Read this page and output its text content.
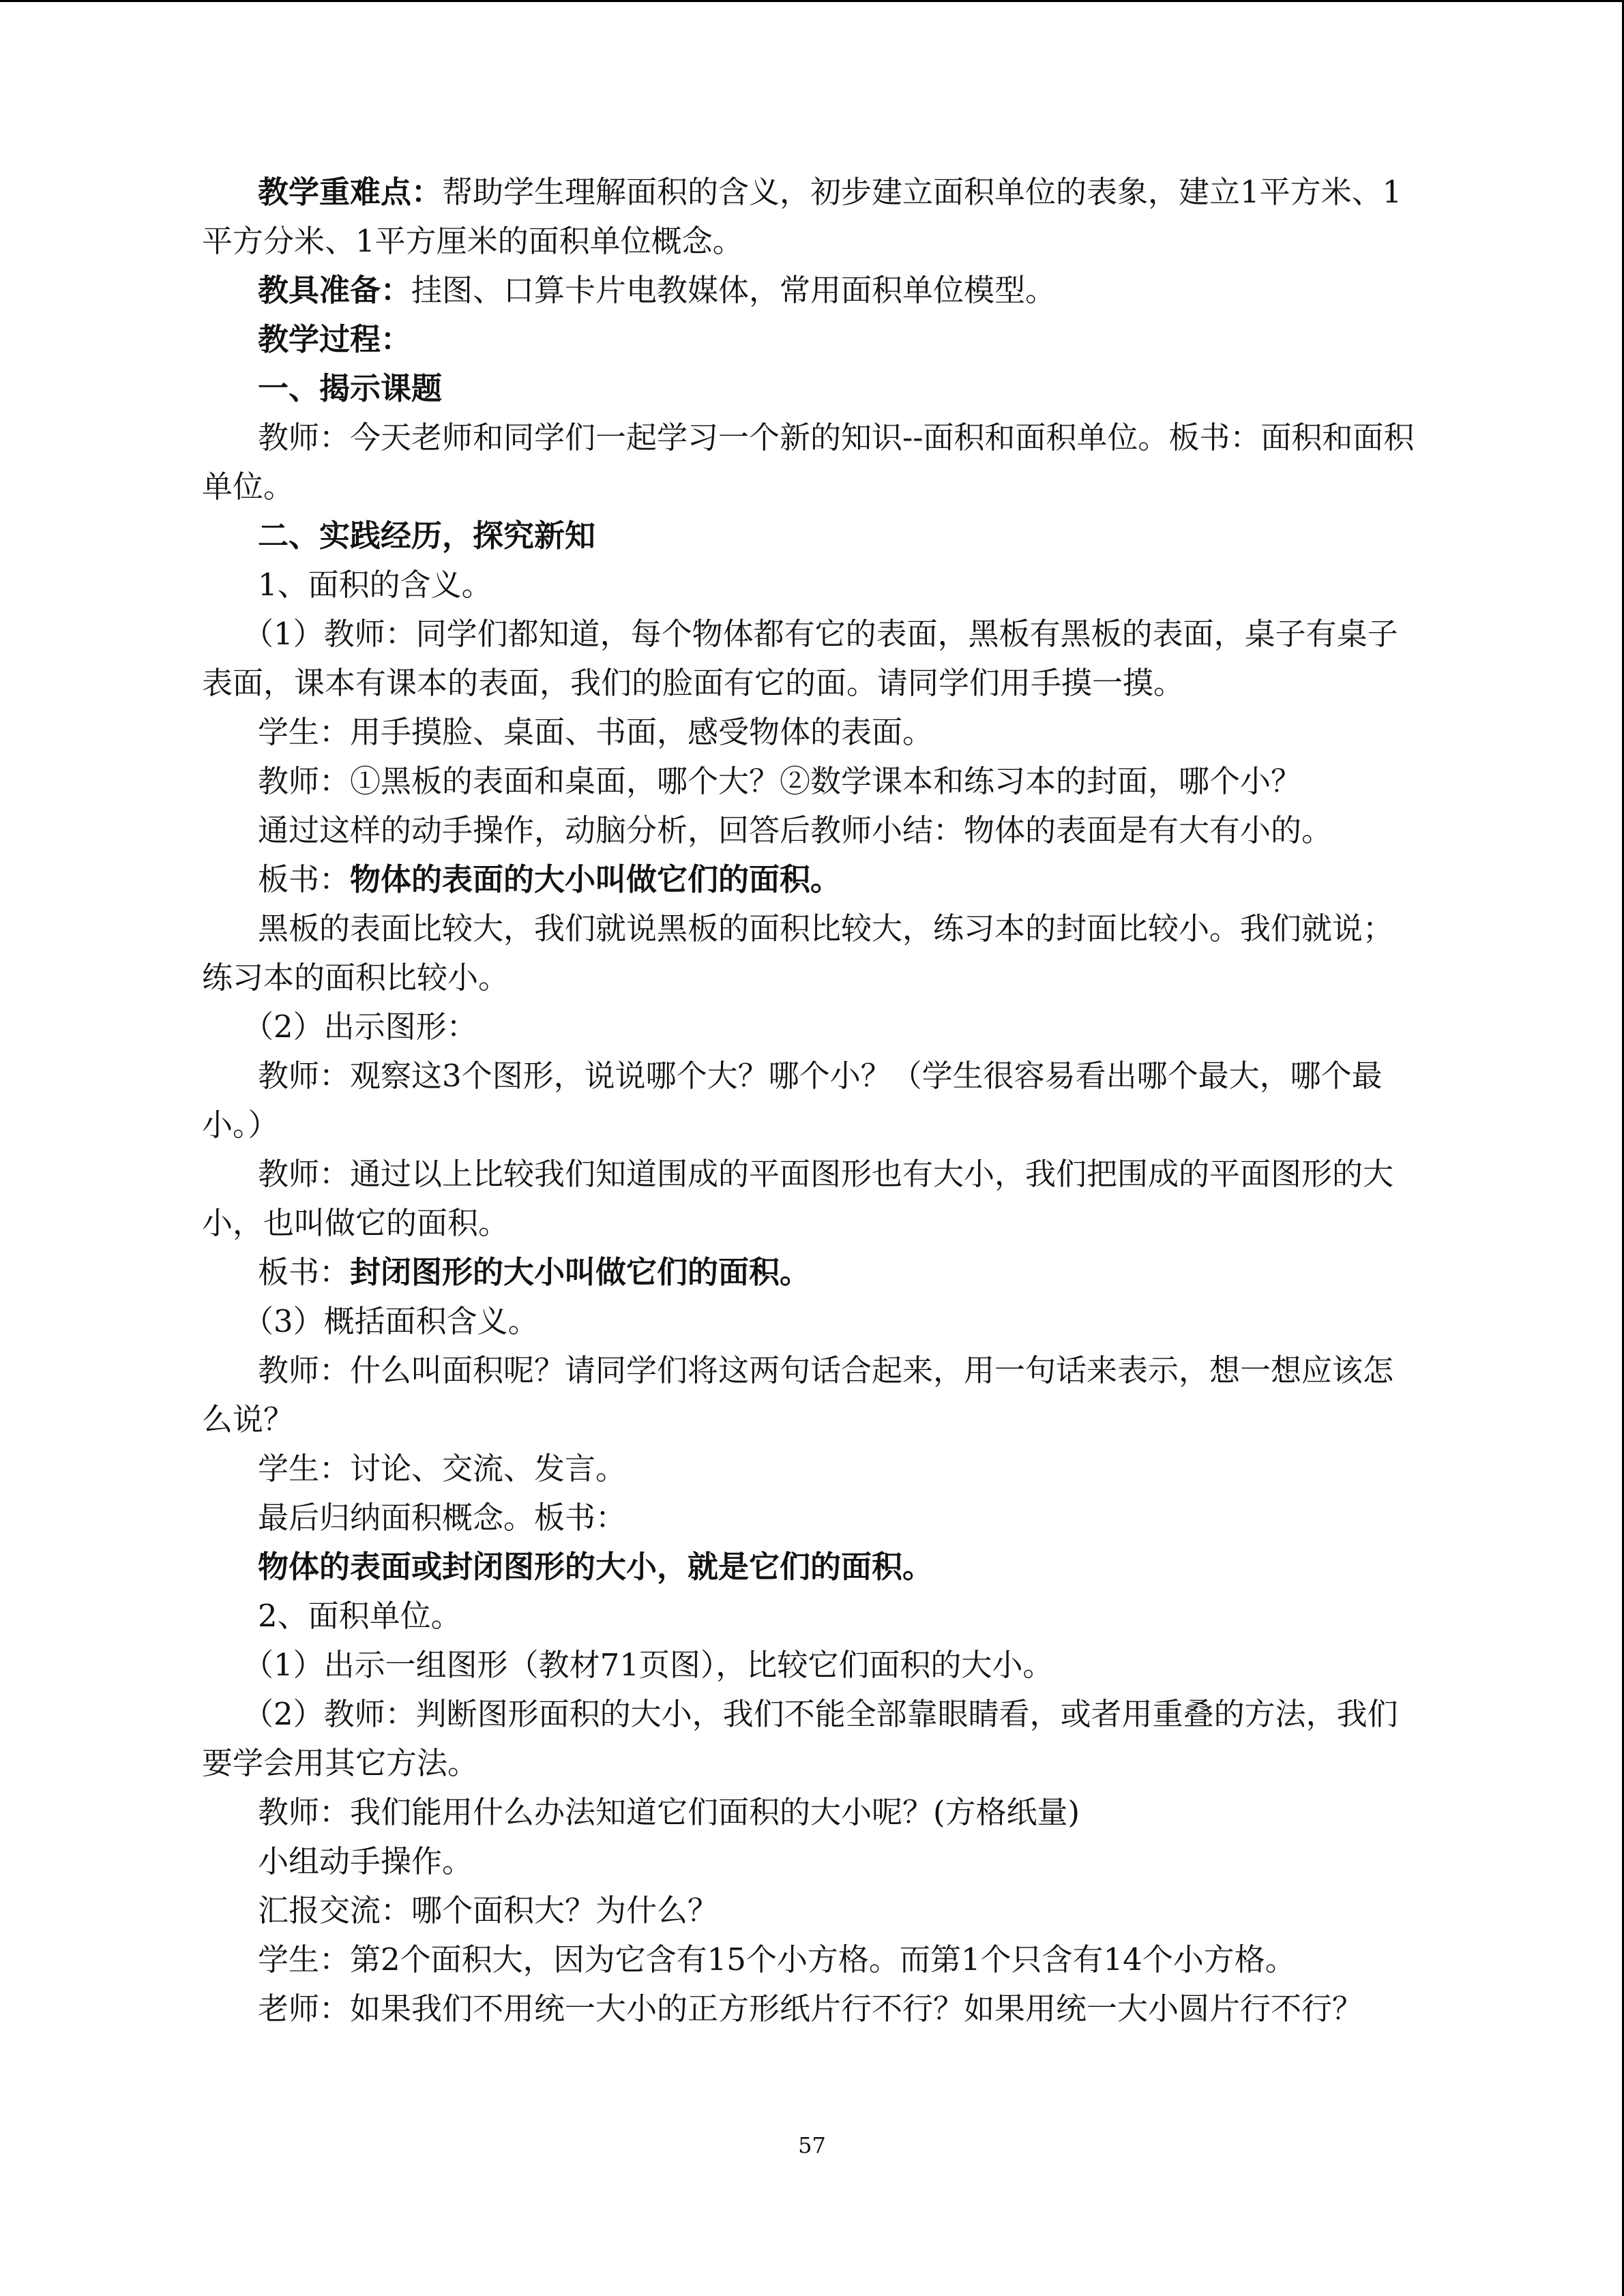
教学重难点：帮助学生理解面积的含义，初步建立面积单位的表象，建立1平方米、1平方分米、1平方厘米的面积单位概念。

教具准备：挂图、口算卡片电教媒体，常用面积单位模型。

教学过程：

一、揭示课题

教师：今天老师和同学们一起学习一个新的知识--面积和面积单位。板书：面积和面积单位。

二、实践经历，探究新知

1、面积的含义。

（1）教师：同学们都知道，每个物体都有它的表面，黑板有黑板的表面，桌子有桌子表面，课本有课本的表面，我们的脸面有它的面。请同学们用手摸一摸。

学生：用手摸脸、桌面、书面，感受物体的表面。

教师：①黑板的表面和桌面，哪个大？②数学课本和练习本的封面，哪个小？

通过这样的动手操作，动脑分析，回答后教师小结：物体的表面是有大有小的。

板书：物体的表面的大小叫做它们的面积。

黑板的表面比较大，我们就说黑板的面积比较大，练习本的封面比较小。我们就说；练习本的面积比较小。

（2）出示图形：

教师：观察这3个图形，说说哪个大？哪个小？（学生很容易看出哪个最大，哪个最小。）

教师：通过以上比较我们知道围成的平面图形也有大小，我们把围成的平面图形的大小，也叫做它的面积。

板书：封闭图形的大小叫做它们的面积。

（3）概括面积含义。

教师：什么叫面积呢？请同学们将这两句话合起来，用一句话来表示，想一想应该怎么说？

学生：讨论、交流、发言。

最后归纳面积概念。板书：

物体的表面或封闭图形的大小，就是它们的面积。

2、面积单位。

（1）出示一组图形（教材71页图），比较它们面积的大小。

（2）教师：判断图形面积的大小，我们不能全部靠眼睛看，或者用重叠的方法，我们要学会用其它方法。

教师：我们能用什么办法知道它们面积的大小呢？(方格纸量)

小组动手操作。

汇报交流：哪个面积大？为什么？

学生：第2个面积大，因为它含有15个小方格。而第1个只含有14个小方格。

老师：如果我们不用统一大小的正方形纸片行不行？如果用统一大小圆片行不行？

57
